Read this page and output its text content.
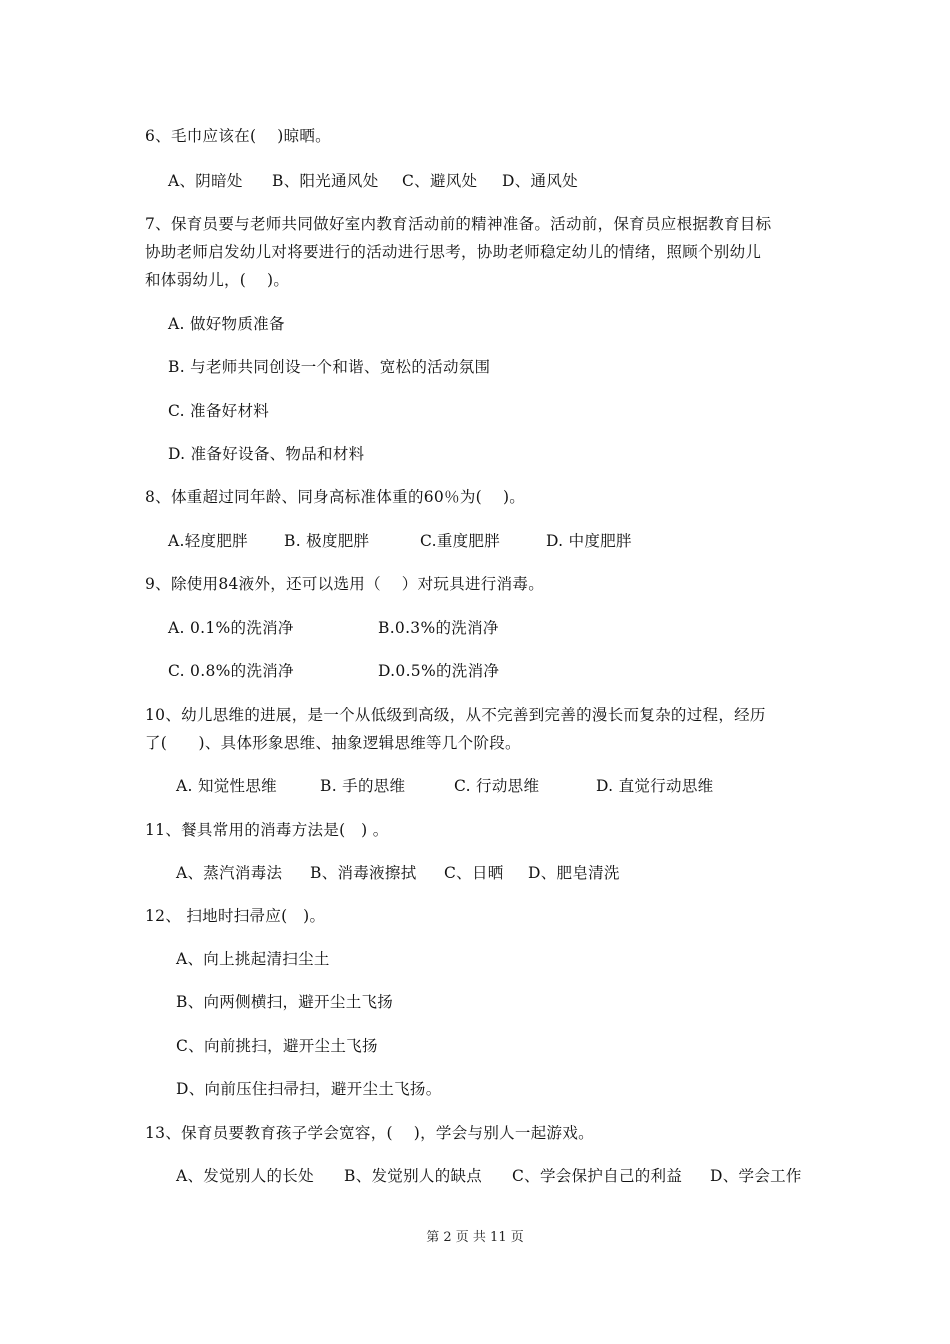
6、毛巾应该在(    )晾晒。

A、阴暗处

B、阳光通风处

C、避风处

D、通风处

7、保育员要与老师共同做好室内教育活动前的精神准备。活动前，保育员应根据教育目标
协助老师启发幼儿对将要进行的活动进行思考，协助老师稳定幼儿的情绪，照顾个别幼儿
和体弱幼儿，(    )。
A. 做好物质准备
B. 与老师共同创设一个和谐、宽松的活动氛围
C. 准备好材料
D. 准备好设备、物品和材料
8、体重超过同年龄、同身高标准体重的60％为(    )。

A.轻度肥胖

B. 极度肥胖

	C.重度肥胖

	D. 中度肥胖

9、除使用84液外，还可以选用（    ）对玩具进行消毒。

A. 0.1%的洗消净

	B.0.3%的洗消净

C. 0.8%的洗消净

	D.0.5%的洗消净

10、幼儿思维的进展，是一个从低级到高级，从不完善到完善的漫长而复杂的过程，经历
了(      )、具体形象思维、抽象逻辑思维等几个阶段。

A. 知觉性思维

	B. 手的思维

	C. 行动思维

	D. 直觉行动思维

11、餐具常用的消毒方法是(   ) 。

A、蒸汽消毒法

B、消毒液擦拭

C、日晒

D、肥皂清洗

12、 扫地时扫帚应(   )。
A、向上挑起清扫尘土
B、向两侧横扫，避开尘土飞扬
C、向前挑扫，避开尘土飞扬
D、向前压住扫帚扫，避开尘土飞扬。
13、保育员要教育孩子学会宽容，(    )，学会与别人一起游戏。

A、发觉别人的长处

B、发觉别人的缺点

C、学会保护自己的利益

D、学会工作

第 2 页 共 11 页
